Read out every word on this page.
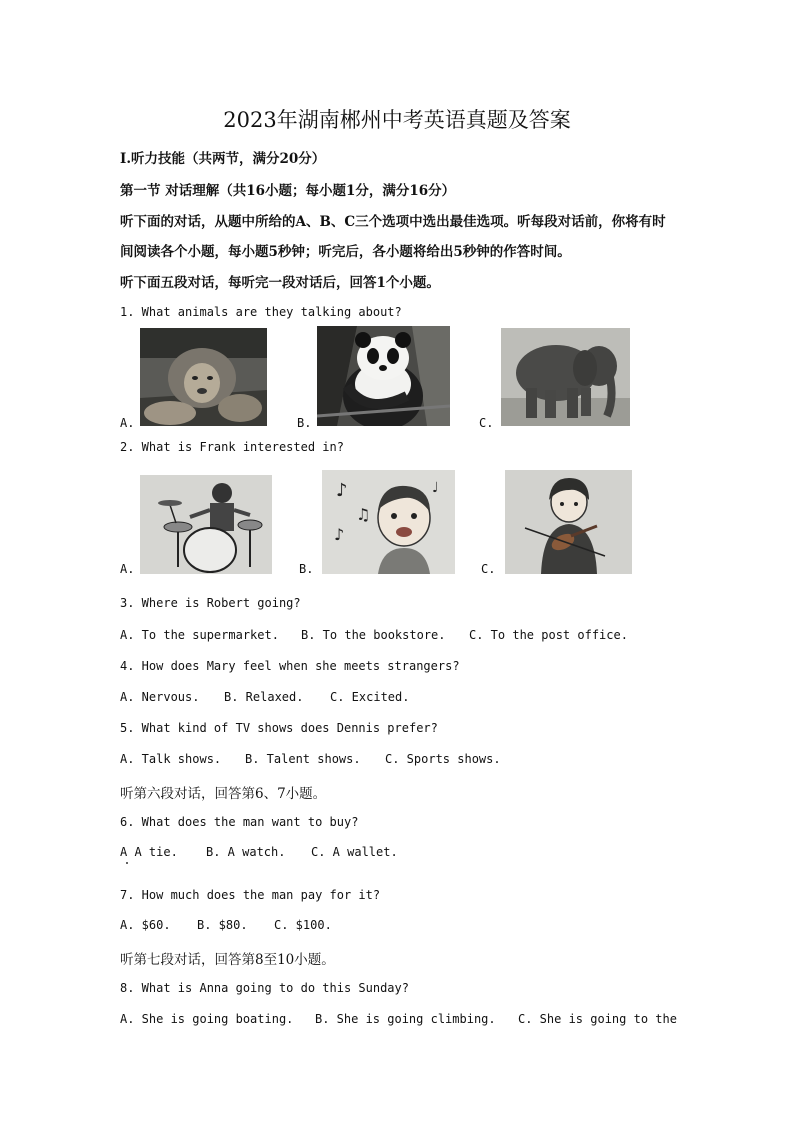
2023年湖南郴州中考英语真题及答案
Ⅰ.听力技能（共两节，满分20分）
第一节 对话理解（共16小题；每小题1分，满分16分）
听下面的对话，从题中所给的A、B、C三个选项中选出最佳选项。听每段对话前，你将有时
间阅读各个小题，每小题5秒钟；听完后，各小题将给出5秒钟的作答时间。
听下面五段对话，每听完一段对话后，回答1个小题。
1. What animals are they talking about?
A.	B.	C.
2. What is Frank interested in?
♪
♫
♪
♩
A.	B.	C.
3. Where is Robert going?
A. To the supermarket. B. To the bookstore. C. To the post office.
4. How does Mary feel when she meets strangers?
A. Nervous. B. Relaxed. C. Excited.
5. What kind of TV shows does Dennis prefer?
A. Talk shows. B. Talent shows. C. Sports shows.
听第六段对话，回答第6、7小题。
6. What does the man want to buy?
A A tie. B. A watch. C. A wallet.
7. How much does the man pay for it?
A. $60. B. $80. C. $100.
听第七段对话，回答第8至10小题。
8. What is Anna going to do this Sunday?
A. She is going boating. B. She is going climbing. C. She is going to the
